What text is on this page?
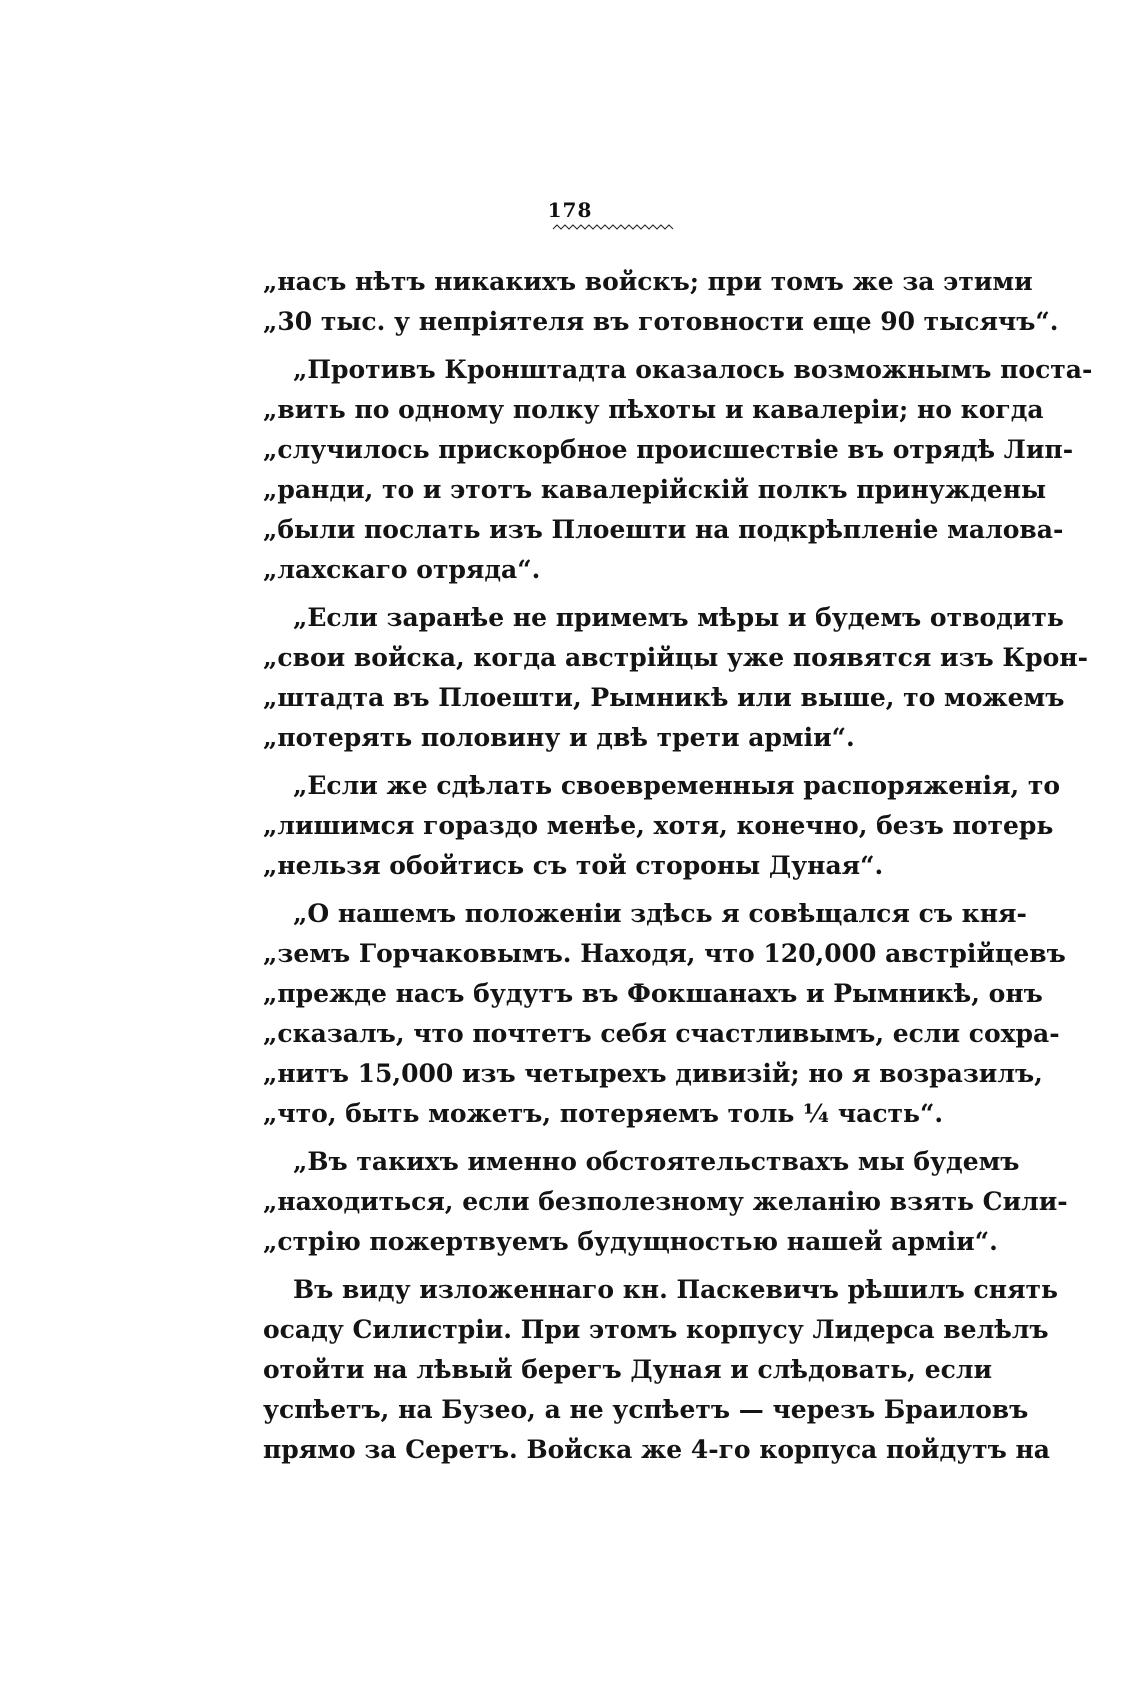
178
„насъ нѣтъ никакихъ войскъ; при томъ же за этими
„30 тыс. у непріятеля въ готовности еще 90 тысячъ“.
„Противъ Кронштадта оказалось возможнымъ поста-
„вить по одному полку пѣхоты и кавалеріи; но когда
„случилось прискорбное происшествіе въ отрядѣ Лип-
„ранди, то и этотъ кавалерійскій полкъ принуждены
„были послать изъ Плоешти на подкрѣпленіе малова-
„лахскаго отряда“.
„Если заранѣе не примемъ мѣры и будемъ отводить
„свои войска, когда австрійцы уже появятся изъ Крон-
„штадта въ Плоешти, Рымникѣ или выше, то можемъ
„потерять половину и двѣ трети арміи“.
„Если же сдѣлать своевременныя распоряженія, то
„лишимся гораздо менѣе, хотя, конечно, безъ потерь
„нельзя обойтись съ той стороны Дуная“.
„О нашемъ положеніи здѣсь я совѣщался съ кня-
„земъ Горчаковымъ. Находя, что 120,000 австрійцевъ
„прежде насъ будутъ въ Фокшанахъ и Рымникѣ, онъ
„сказалъ, что почтетъ себя счастливымъ, если сохра-
„нитъ 15,000 изъ четырехъ дивизій; но я возразилъ,
„что, быть можетъ, потеряемъ толь ¼ часть“.
„Въ такихъ именно обстоятельствахъ мы будемъ
„находиться, если безполезному желанію взять Сили-
„стрію пожертвуемъ будущностью нашей арміи“.
Въ виду изложеннаго кн. Паскевичъ рѣшилъ снять
осаду Силистріи. При этомъ корпусу Лидерса велѣлъ
отойти на лѣвый берегъ Дуная и слѣдовать, если
успѣетъ, на Бузео, а не успѣетъ — черезъ Браиловъ
прямо за Серетъ. Войска же 4-го корпуса пойдутъ на
